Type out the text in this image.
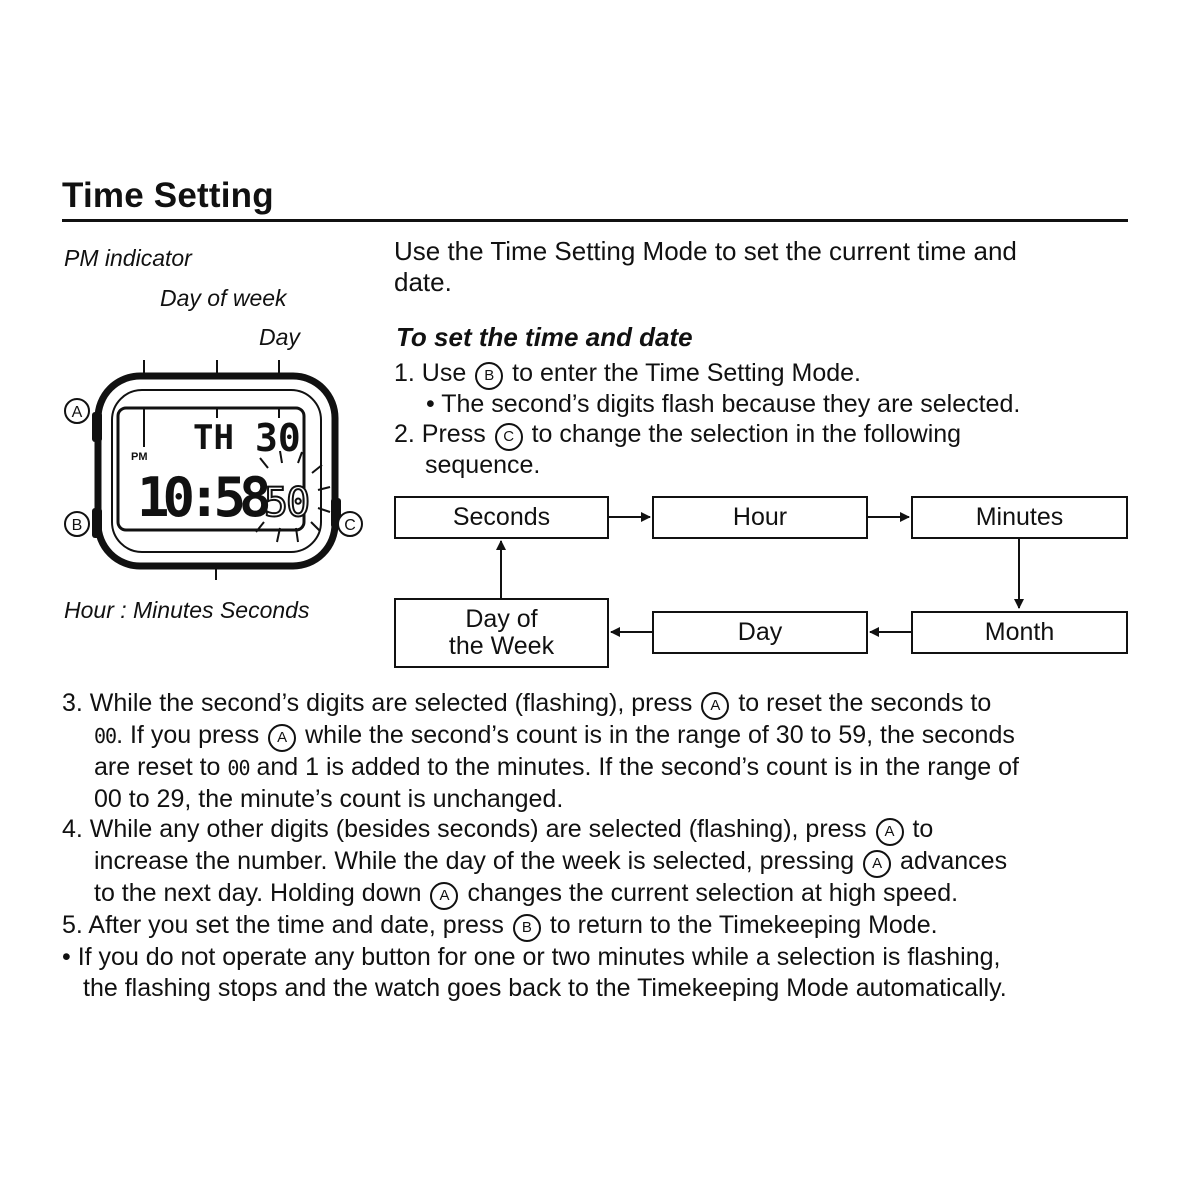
Time Setting
PM indicator
Day of week
Day
Hour : Minutes Seconds
TH 30
PM
10:58 50
A
B	C
Use the Time Setting Mode to set the current time and
date.
To set the time and date
1. Use B to enter the Time Setting Mode.
• The second’s digits flash because they are selected.
2. Press C to change the selection in the following
sequence.
Seconds	Hour	Minutes
Month
Day
Day of
the Week
3. While the second’s digits are selected (flashing), press A to reset the seconds to
00. If you press A while the second’s count is in the range of 30 to 59, the seconds
are reset to 00 and 1 is added to the minutes. If the second’s count is in the range of
00 to 29, the minute’s count is unchanged.
4. While any other digits (besides seconds) are selected (flashing), press A to
increase the number. While the day of the week is selected, pressing A advances
to the next day. Holding down A changes the current selection at high speed.
5. After you set the time and date, press B to return to the Timekeeping Mode.
• If you do not operate any button for one or two minutes while a selection is flashing,
the flashing stops and the watch goes back to the Timekeeping Mode automatically.
